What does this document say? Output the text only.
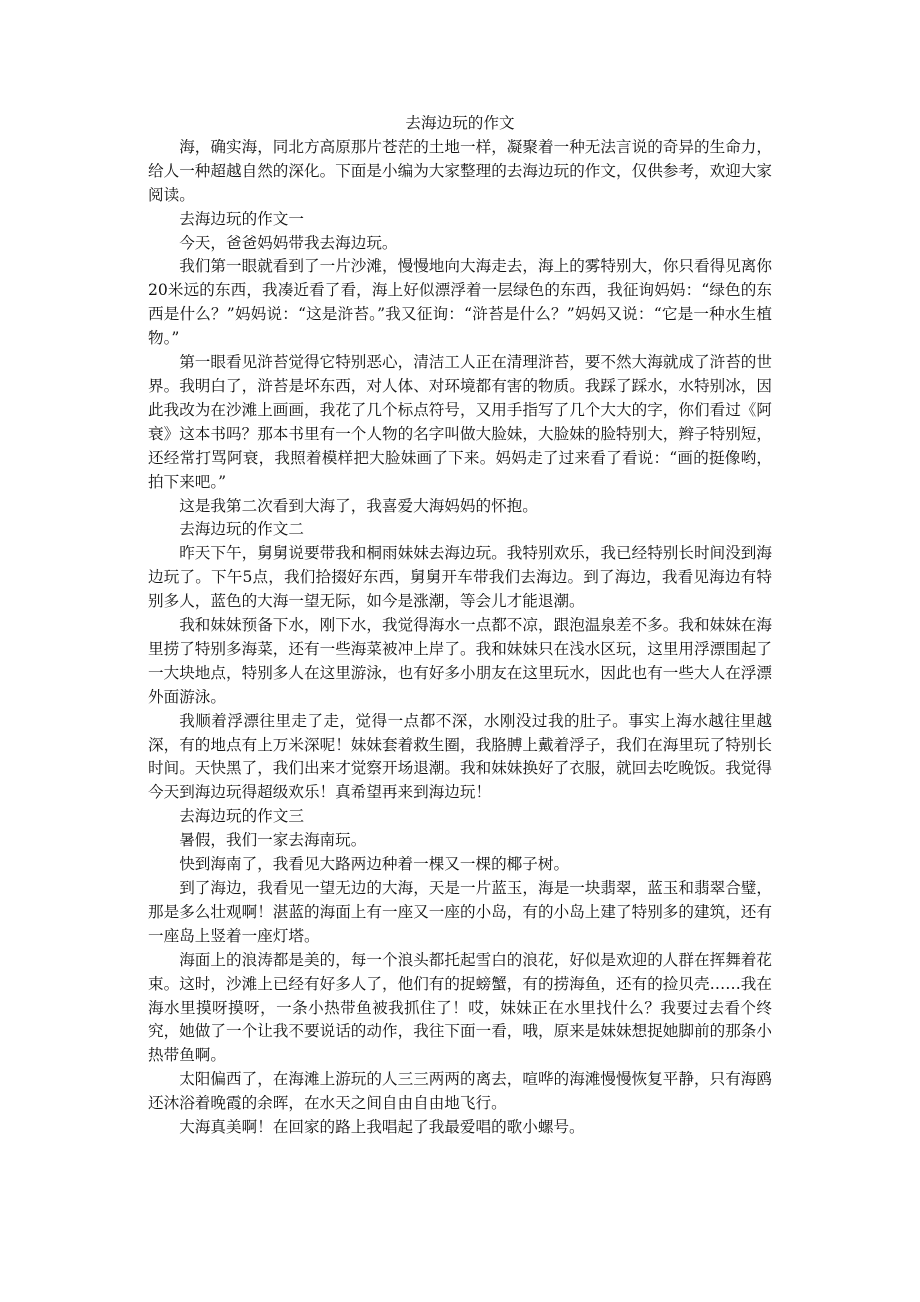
去海边玩的作文

海，确实海，同北方高原那片苍茫的土地一样，凝聚着一种无法言说的奇异的生命力，给人一种超越自然的深化。下面是小编为大家整理的去海边玩的作文，仅供参考，欢迎大家阅读。

去海边玩的作文一

今天，爸爸妈妈带我去海边玩。

我们第一眼就看到了一片沙滩，慢慢地向大海走去，海上的雾特别大，你只看得见离你20米远的东西，我凑近看了看，海上好似漂浮着一层绿色的东西，我征询妈妈：“绿色的东西是什么？”妈妈说：“这是浒苔。”我又征询：“浒苔是什么？”妈妈又说：“它是一种水生植物。”

第一眼看见浒苔觉得它特别恶心，清洁工人正在清理浒苔，要不然大海就成了浒苔的世界。我明白了，浒苔是坏东西，对人体、对环境都有害的物质。我踩了踩水，水特别冰，因此我改为在沙滩上画画，我花了几个标点符号，又用手指写了几个大大的字，你们看过《阿衰》这本书吗？那本书里有一个人物的名字叫做大脸妹，大脸妹的脸特别大，辫子特别短，还经常打骂阿衰，我照着模样把大脸妹画了下来。妈妈走了过来看了看说：“画的挺像哟，拍下来吧。”

这是我第二次看到大海了，我喜爱大海妈妈的怀抱。

去海边玩的作文二

昨天下午，舅舅说要带我和桐雨妹妹去海边玩。我特别欢乐，我已经特别长时间没到海边玩了。下午5点，我们拾掇好东西，舅舅开车带我们去海边。到了海边，我看见海边有特别多人，蓝色的大海一望无际，如今是涨潮，等会儿才能退潮。

我和妹妹预备下水，刚下水，我觉得海水一点都不凉，跟泡温泉差不多。我和妹妹在海里捞了特别多海菜，还有一些海菜被冲上岸了。我和妹妹只在浅水区玩，这里用浮漂围起了一大块地点，特别多人在这里游泳，也有好多小朋友在这里玩水，因此也有一些大人在浮漂外面游泳。

我顺着浮漂往里走了走，觉得一点都不深，水刚没过我的肚子。事实上海水越往里越深，有的地点有上万米深呢！妹妹套着救生圈，我胳膊上戴着浮子，我们在海里玩了特别长时间。天快黑了，我们出来才觉察开场退潮。我和妹妹换好了衣服，就回去吃晚饭。我觉得今天到海边玩得超级欢乐！真希望再来到海边玩！

去海边玩的作文三

暑假，我们一家去海南玩。

快到海南了，我看见大路两边种着一棵又一棵的椰子树。

到了海边，我看见一望无边的大海，天是一片蓝玉，海是一块翡翠，蓝玉和翡翠合璧，那是多么壮观啊！湛蓝的海面上有一座又一座的小岛，有的小岛上建了特别多的建筑，还有一座岛上竖着一座灯塔。

海面上的浪涛都是美的，每一个浪头都托起雪白的浪花，好似是欢迎的人群在挥舞着花束。这时，沙滩上已经有好多人了，他们有的捉螃蟹，有的捞海鱼，还有的捡贝壳……我在海水里摸呀摸呀，一条小热带鱼被我抓住了！哎，妹妹正在水里找什么？我要过去看个终究，她做了一个让我不要说话的动作，我往下面一看，哦，原来是妹妹想捉她脚前的那条小热带鱼啊。

太阳偏西了，在海滩上游玩的人三三两两的离去，喧哗的海滩慢慢恢复平静，只有海鸥还沐浴着晚霞的余晖，在水天之间自由自由地飞行。

大海真美啊！在回家的路上我唱起了我最爱唱的歌小螺号。
